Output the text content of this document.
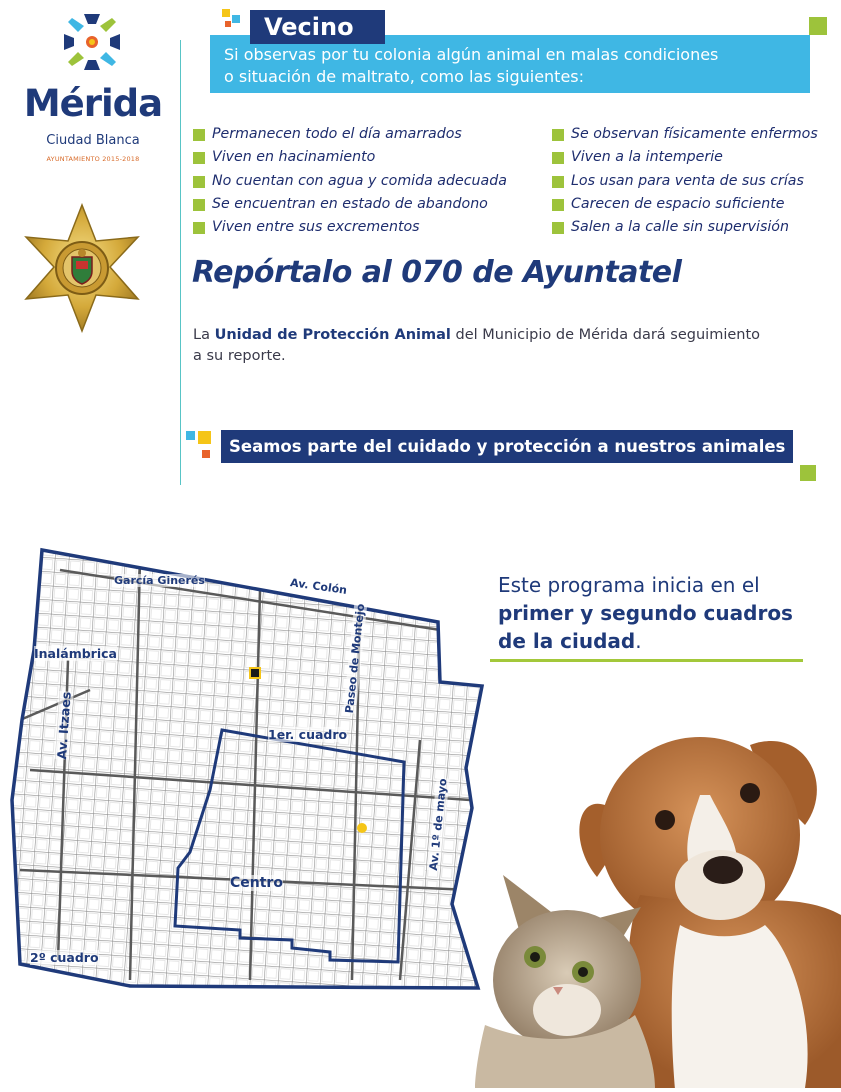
Mérida
Ciudad Blanca
AYUNTAMIENTO 2015-2018
Vecino
Si observas por tu colonia algún animal en malas condiciones
o situación de maltrato, como las siguientes:
Permanecen todo el día amarrados
Viven en hacinamiento
No cuentan con agua y comida adecuada
Se encuentran en estado de abandono
Viven entre sus excrementos
Se observan físicamente enfermos
Viven a la intemperie
Los usan para venta de sus crías
Carecen de espacio suficiente
Salen a la calle sin supervisión
Repórtalo al 070 de Ayuntatel
La Unidad de Protección Animal del Municipio de Mérida dará seguimiento
a su reporte.
Seamos parte del cuidado y protección a nuestros animales
Este programa inicia en el
primer y segundo cuadros
de la ciudad.
García Ginerés	Av. Colón
Inalámbrica	Paseo de Montejo
Av. Itzaes	1er. cuadro
Av. 1º de mayo
Centro
2º cuadro
